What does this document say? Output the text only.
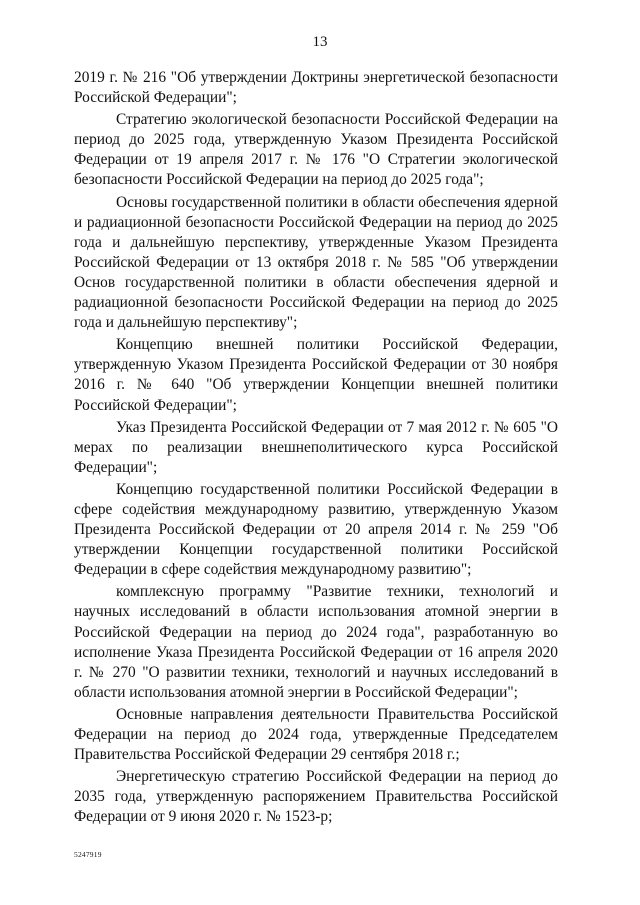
13

2019 г. № 216 "Об утверждении Доктрины энергетической безопасности Российской Федерации";

Стратегию экологической безопасности Российской Федерации на период до 2025 года, утвержденную Указом Президента Российской Федерации от 19 апреля 2017 г. № 176 "О Стратегии экологической безопасности Российской Федерации на период до 2025 года";

Основы государственной политики в области обеспечения ядерной и радиационной безопасности Российской Федерации на период до 2025 года и дальнейшую перспективу, утвержденные Указом Президента Российской Федерации от 13 октября 2018 г. № 585 "Об утверждении Основ государственной политики в области обеспечения ядерной и радиационной безопасности Российской Федерации на период до 2025 года и дальнейшую перспективу";

Концепцию внешней политики Российской Федерации, утвержденную Указом Президента Российской Федерации от 30 ноября 2016 г. № 640 "Об утверждении Концепции внешней политики Российской Федерации";

Указ Президента Российской Федерации от 7 мая 2012 г. № 605 "О мерах по реализации внешнеполитического курса Российской Федерации";

Концепцию государственной политики Российской Федерации в сфере содействия международному развитию, утвержденную Указом Президента Российской Федерации от 20 апреля 2014 г. № 259 "Об утверждении Концепции государственной политики Российской Федерации в сфере содействия международному развитию";

комплексную программу "Развитие техники, технологий и научных исследований в области использования атомной энергии в Российской Федерации на период до 2024 года", разработанную во исполнение Указа Президента Российской Федерации от 16 апреля 2020 г. № 270 "О развитии техники, технологий и научных исследований в области использования атомной энергии в Российской Федерации";

Основные направления деятельности Правительства Российской Федерации на период до 2024 года, утвержденные Председателем Правительства Российской Федерации 29 сентября 2018 г.;

Энергетическую стратегию Российской Федерации на период до 2035 года, утвержденную распоряжением Правительства Российской Федерации от 9 июня 2020 г. № 1523-р;

5247919
